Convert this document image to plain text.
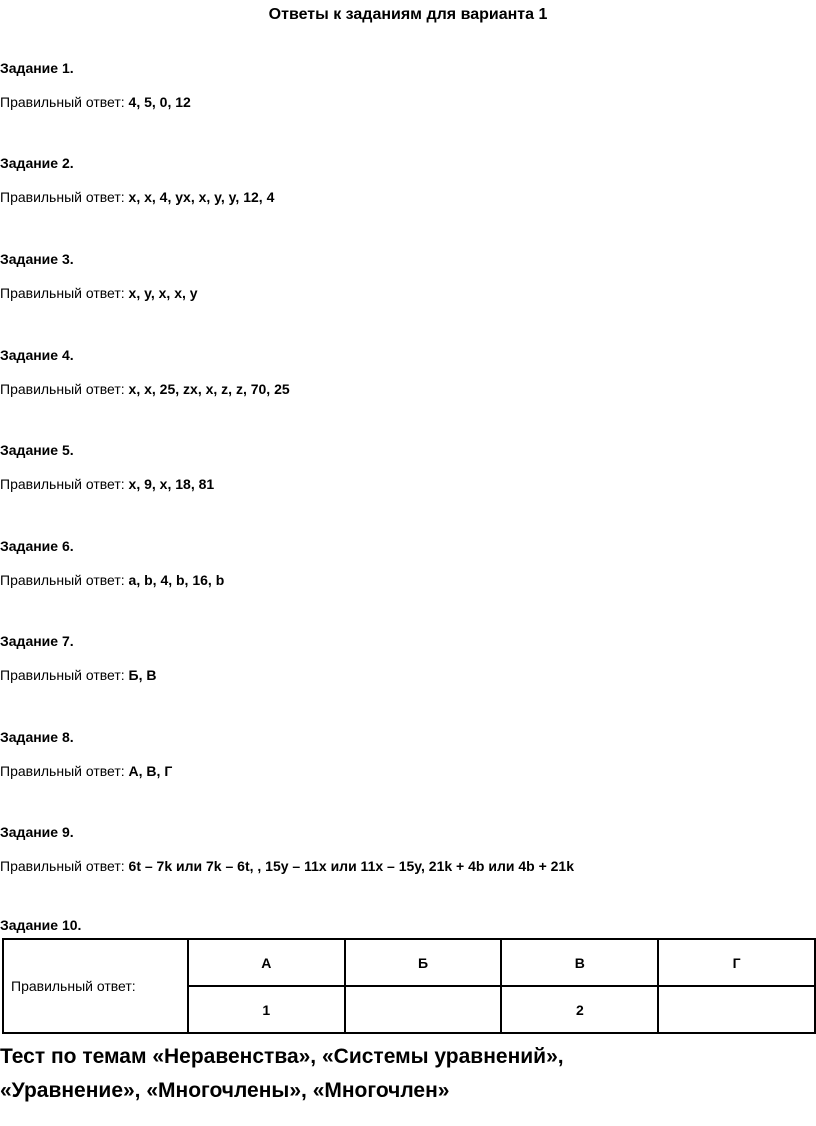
Ответы к заданиям для варианта 1
Задание 1.
Правильный ответ: 4, 5, 0, 12
Задание 2.
Правильный ответ: x, x, 4, yx, x, y, y, 12, 4
Задание 3.
Правильный ответ: x, y, x, x, y
Задание 4.
Правильный ответ: x, x, 25, zx, x, z, z, 70, 25
Задание 5.
Правильный ответ: x, 9, x, 18, 81
Задание 6.
Правильный ответ: a, b, 4, b, 16, b
Задание 7.
Правильный ответ: Б, В
Задание 8.
Правильный ответ: А, В, Г
Задание 9.
Правильный ответ: 6t – 7k или 7k – 6t, , 15y – 11x или 11x – 15y, 21k + 4b или 4b + 21k
Задание 10.
Правильный ответ:	А	Б	В	Г
	1		2	
Тест по темам «Неравенства», «Системы уравнений»,
«Уравнение», «Многочлены», «Многочлен»
